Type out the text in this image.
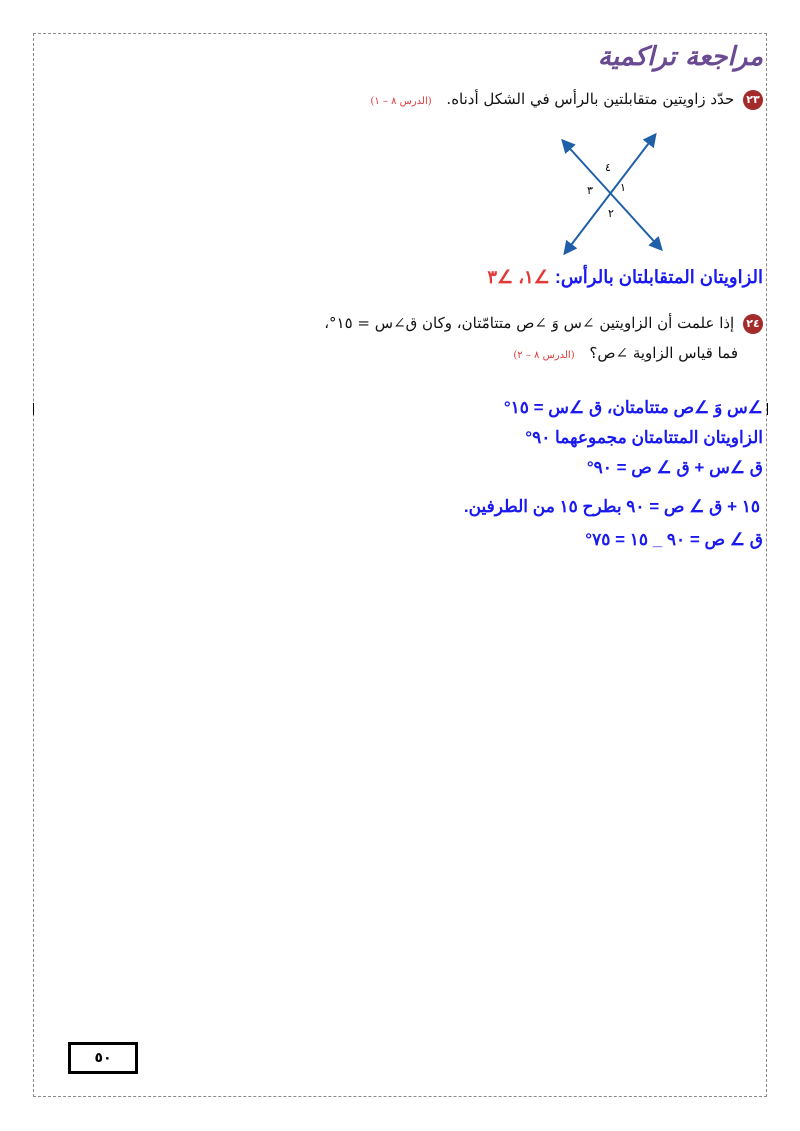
مراجعة تراكمية
٢٣ حدّد زاويتين متقابلتين بالرأس في الشكل أدناه. (الدرس ٨ – ١)
٤
٣ ١
٢
الزاويتان المتقابلتان بالرأس: ∠١، ∠٣
٢٤ إذا علمت أن الزاويتين ∠س وَ ∠ص متتامّتان، وكان ق∠س = ١٥°،
فما قياس الزاوية ∠ص؟ (الدرس ٨ – ٢)
∠س وَ ∠ص متتامتان، ق ∠س = ١٥°
الزاويتان المتتامتان مجموعهما ٩٠°
ق ∠س + ق ∠ ص = ٩٠°
١٥ + ق ∠ ص = ٩٠ بطرح ١٥ من الطرفين.
ق ∠ ص = ٩٠ _ ١٥ = ٧٥°
٥٠
